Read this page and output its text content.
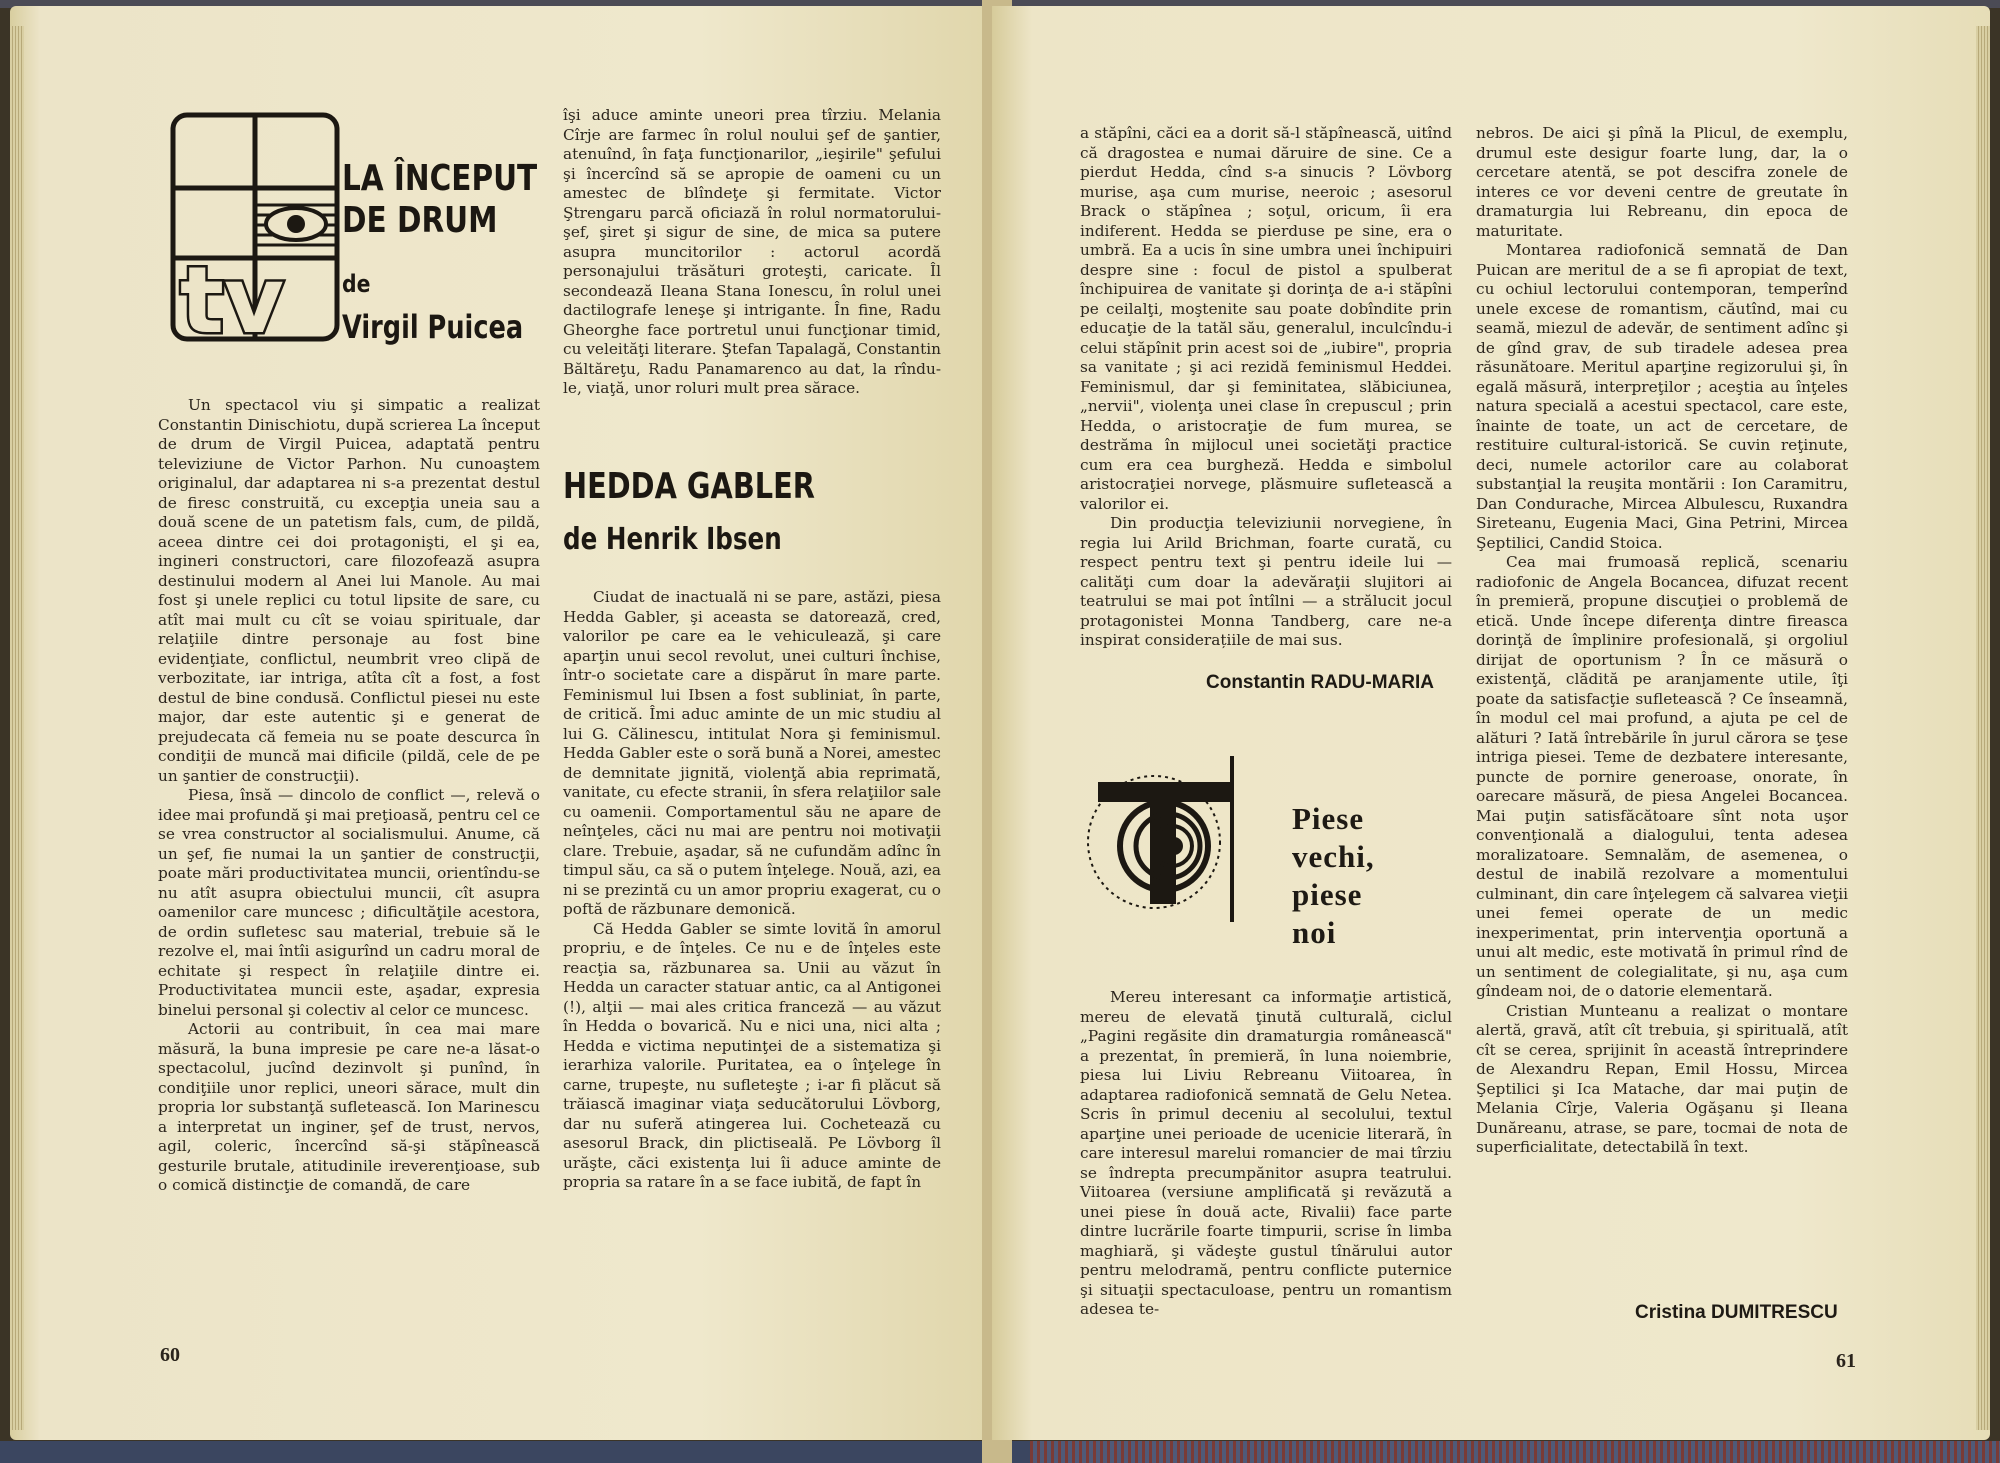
tv
LA ÎNCEPUT
DE DRUM
de
Virgil Puicea

Un spectacol viu şi simpatic a realizat Constantin Dinischiotu, după scrierea La început de drum de Virgil Puicea, adaptată pentru televiziune de Victor Parhon. Nu cunoaştem originalul, dar adaptarea ni s-a prezentat destul de firesc construită, cu excepţia uneia sau a două scene de un patetism fals, cum, de pildă, aceea dintre cei doi protagonişti, el şi ea, ingineri constructori, care filozofează asupra destinului modern al Anei lui Manole. Au mai fost şi unele replici cu totul lipsite de sare, cu atît mai mult cu cît se voiau spirituale, dar relaţiile dintre personaje au fost bine evidenţiate, conflictul, neumbrit vreo clipă de verbozitate, iar intriga, atîta cît a fost, a fost destul de bine condusă. Conflictul piesei nu este major, dar este autentic şi e generat de prejudecata că femeia nu se poate descurca în condiţii de muncă mai dificile (pildă, cele de pe un şantier de construcţii).

Piesa, însă — dincolo de conflict —, relevă o idee mai profundă şi mai preţioasă, pentru cel ce se vrea constructor al socialismului. Anume, că un şef, fie numai la un şantier de construcţii, poate mări productivitatea muncii, orientîndu-se nu atît asupra obiectului muncii, cît asupra oamenilor care muncesc ; dificultăţile acestora, de ordin sufletesc sau material, trebuie să le rezolve el, mai întîi asigurînd un cadru moral de echitate şi respect în relaţiile dintre ei. Productivitatea muncii este, aşadar, expresia binelui personal şi colectiv al celor ce muncesc.

Actorii au contribuit, în cea mai mare măsură, la buna impresie pe care ne-a lăsat-o spectacolul, jucînd dezinvolt şi punînd, în condiţiile unor replici, uneori sărace, mult din propria lor substanţă sufletească. Ion Marinescu a interpretat un inginer, şef de trust, nervos, agil, coleric, încercînd să-şi stăpînească gesturile brutale, atitudinile ireverenţioase, sub o comică distincţie de comandă, de care

îşi aduce aminte uneori prea tîrziu. Melania Cîrje are farmec în rolul noului şef de şantier, atenuînd, în faţa funcţionarilor, „ieşirile" şefului şi încercînd să se apropie de oameni cu un amestec de blîndeţe şi fermitate. Victor Ştrengaru parcă oficiază în rolul normatorului-şef, şiret şi sigur de sine, de mica sa putere asupra muncitorilor : actorul acordă personajului trăsături groteşti, caricate. Îl secondează Ileana Stana Ionescu, în rolul unei dactilografe leneşe şi intrigante. În fine, Radu Gheorghe face portretul unui funcţionar timid, cu veleităţi literare. Ştefan Tapalagă, Constantin Băltăreţu, Radu Panamarenco au dat, la rîndu-le, viaţă, unor roluri mult prea sărace.

HEDDA GABLER
de Henrik Ibsen

Ciudat de inactuală ni se pare, astăzi, piesa Hedda Gabler, şi aceasta se datorează, cred, valorilor pe care ea le vehiculează, şi care aparţin unui secol revolut, unei culturi închise, într-o societate care a dispărut în mare parte. Feminismul lui Ibsen a fost subliniat, în parte, de critică. Îmi aduc aminte de un mic studiu al lui G. Călinescu, intitulat Nora şi feminismul. Hedda Gabler este o soră bună a Norei, amestec de demnitate jignită, violenţă abia reprimată, vanitate, cu efecte stranii, în sfera relaţiilor sale cu oamenii. Comportamentul său ne apare de neînţeles, căci nu mai are pentru noi motivaţii clare. Trebuie, aşadar, să ne cufundăm adînc în timpul său, ca să o putem înţelege. Nouă, azi, ea ni se prezintă cu un amor propriu exagerat, cu o poftă de răzbunare demonică.

Că Hedda Gabler se simte lovită în amorul propriu, e de înţeles. Ce nu e de înţeles este reacţia sa, răzbunarea sa. Unii au văzut în Hedda un caracter statuar antic, ca al Antigonei (!), alţii — mai ales critica franceză — au văzut în Hedda o bovarică. Nu e nici una, nici alta ; Hedda e victima neputinţei de a sistematiza şi ierarhiza valorile. Puritatea, ea o înţelege în carne, trupeşte, nu sufleteşte ; i-ar fi plăcut să trăiască imaginar viaţa seducătorului Lövborg, dar nu suferă atingerea lui. Cochetează cu asesorul Brack, din plictiseală. Pe Lövborg îl urăşte, căci existenţa lui îi aduce aminte de propria sa ratare în a se face iubită, de fapt în

60

a stăpîni, căci ea a dorit să-l stăpînească, uitînd că dragostea e numai dăruire de sine. Ce a pierdut Hedda, cînd s-a sinucis ? Lövborg murise, aşa cum murise, neeroic ; asesorul Brack o stăpînea ; soţul, oricum, îi era indiferent. Hedda se pierduse pe sine, era o umbră. Ea a ucis în sine umbra unei închipuiri despre sine : focul de pistol a spulberat închipuirea de vanitate şi dorinţa de a-i stăpîni pe ceilalţi, moştenite sau poate dobîndite prin educaţie de la tatăl său, generalul, inculcîndu-i celui stăpînit prin acest soi de „iubire", propria sa vanitate ; şi aci rezidă feminismul Heddei. Feminismul, dar şi feminitatea, slăbiciunea, „nervii", violenţa unei clase în crepuscul ; prin Hedda, o aristocraţie de fum murea, se destrăma în mijlocul unei societăţi practice cum era cea burgheză. Hedda e simbolul aristocraţiei norvege, plăsmuire sufletească a valorilor ei.

Din producţia televiziunii norvegiene, în regia lui Arild Brichman, foarte curată, cu respect pentru text şi pentru ideile lui — calităţi cum doar la adevăraţii slujitori ai teatrului se mai pot întîlni — a strălucit jocul protagonistei Monna Tandberg, care ne-a inspirat considerațiile de mai sus.

Constantin RADU-MARIA

Mereu interesant ca informaţie artistică, mereu de elevată ţinută culturală, ciclul „Pagini regăsite din dramaturgia românească" a prezentat, în premieră, în luna noiembrie, piesa lui Liviu Rebreanu Viitoarea, în adaptarea radiofonică semnată de Gelu Netea. Scris în primul deceniu al secolului, textul aparţine unei perioade de ucenicie literară, în care interesul marelui romancier de mai tîrziu se îndrepta precumpănitor asupra teatrului. Viitoarea (versiune amplificată şi revăzută a unei piese în două acte, Rivalii) face parte dintre lucrările foarte timpurii, scrise în limba maghiară, şi vădeşte gustul tînărului autor pentru melodramă, pentru conflicte puternice şi situaţii spectaculoase, pentru un romantism adesea te-

nebros. De aici şi pînă la Plicul, de exemplu, drumul este desigur foarte lung, dar, la o cercetare atentă, se pot descifra zonele de interes ce vor deveni centre de greutate în dramaturgia lui Rebreanu, din epoca de maturitate.

Montarea radiofonică semnată de Dan Puican are meritul de a se fi apropiat de text, cu ochiul lectorului contemporan, temperînd unele excese de romantism, căutînd, mai cu seamă, miezul de adevăr, de sentiment adînc şi de gînd grav, de sub tiradele adesea prea răsunătoare. Meritul aparţine regizorului şi, în egală măsură, interpreţilor ; aceştia au înţeles natura specială a acestui spectacol, care este, înainte de toate, un act de cercetare, de restituire cultural-istorică. Se cuvin reţinute, deci, numele actorilor care au colaborat substanţial la reuşita montării : Ion Caramitru, Dan Condurache, Mircea Albulescu, Ruxandra Sireteanu, Eugenia Maci, Gina Petrini, Mircea Şeptilici, Candid Stoica.

Cea mai frumoasă replică, scenariu radiofonic de Angela Bocancea, difuzat recent în premieră, propune discuţiei o problemă de etică. Unde începe diferenţa dintre fireasca dorinţă de împlinire profesională, şi orgoliul dirijat de oportunism ? În ce măsură o existenţă, clădită pe aranjamente utile, îţi poate da satisfacţie sufletească ? Ce înseamnă, în modul cel mai profund, a ajuta pe cel de alături ? Iată întrebările în jurul cărora se ţese intriga piesei. Teme de dezbatere interesante, puncte de pornire generoase, onorate, în oarecare măsură, de piesa Angelei Bocancea. Mai puţin satisfăcătoare sînt nota uşor convenţională a dialogului, tenta adesea moralizatoare. Semnalăm, de asemenea, o destul de inabilă rezolvare a momentului culminant, din care înţelegem că salvarea vieţii unei femei operate de un medic inexperimentat, prin intervenţia oportună a unui alt medic, este motivată în primul rînd de un sentiment de colegialitate, şi nu, aşa cum gîndeam noi, de o datorie elementară.

Cristian Munteanu a realizat o montare alertă, gravă, atît cît trebuia, şi spirituală, atît cît se cerea, sprijinit în această întreprindere de Alexandru Repan, Emil Hossu, Mircea Şeptilici şi Ica Matache, dar mai puţin de Melania Cîrje, Valeria Ogăşanu şi Ileana Dunăreanu, atrase, se pare, tocmai de nota de superficialitate, detectabilă în text.

Cristina DUMITRESCU
61
Piese
vechi,
piese
noi
